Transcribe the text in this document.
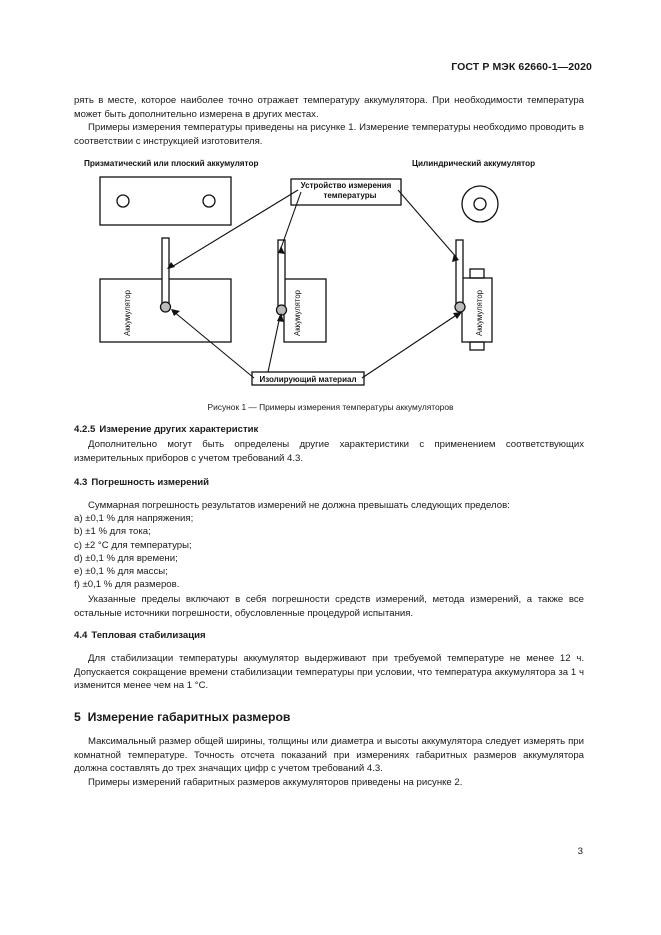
ГОСТ Р МЭК 62660-1—2020
рять в месте, которое наиболее точно отражает температуру аккумулятора. При необходимости температура может быть дополнительно измерена в других местах.
Примеры измерения температуры приведены на рисунке 1. Измерение температуры необходимо проводить в соответствии с инструкцией изготовителя.
Призматический или плоский аккумулятор	Цилиндрический аккумулятор
Устройство измерения
температуры
Изолирующий материал
Аккумулятор	Аккумулятор	Аккумулятор
Рисунок 1 — Примеры измерения температуры аккумуляторов
4.2.5 Измерение других характеристик
Дополнительно могут быть определены другие характеристики с применением соответствующих измерительных приборов с учетом требований 4.3.
4.3 Погрешность измерений
Суммарная погрешность результатов измерений не должна превышать следующих пределов:
a) ±0,1 % для напряжения;
b) ±1 % для тока;
c) ±2 °С для температуры;
d) ±0,1 % для времени;
e) ±0,1 % для массы;
f) ±0,1 % для размеров.
Указанные пределы включают в себя погрешности средств измерений, метода измерений, а также все остальные источники погрешности, обусловленные процедурой испытания.
4.4 Тепловая стабилизация
Для стабилизации температуры аккумулятор выдерживают при требуемой температуре не менее 12 ч. Допускается сокращение времени стабилизации температуры при условии, что температура аккумулятора за 1 ч изменится менее чем на 1 °С.
5 Измерение габаритных размеров
Максимальный размер общей ширины, толщины или диаметра и высоты аккумулятора следует измерять при комнатной температуре. Точность отсчета показаний при измерениях габаритных размеров аккумулятора должна составлять до трех значащих цифр с учетом требований 4.3.
Примеры измерений габаритных размеров аккумуляторов приведены на рисунке 2.
3
